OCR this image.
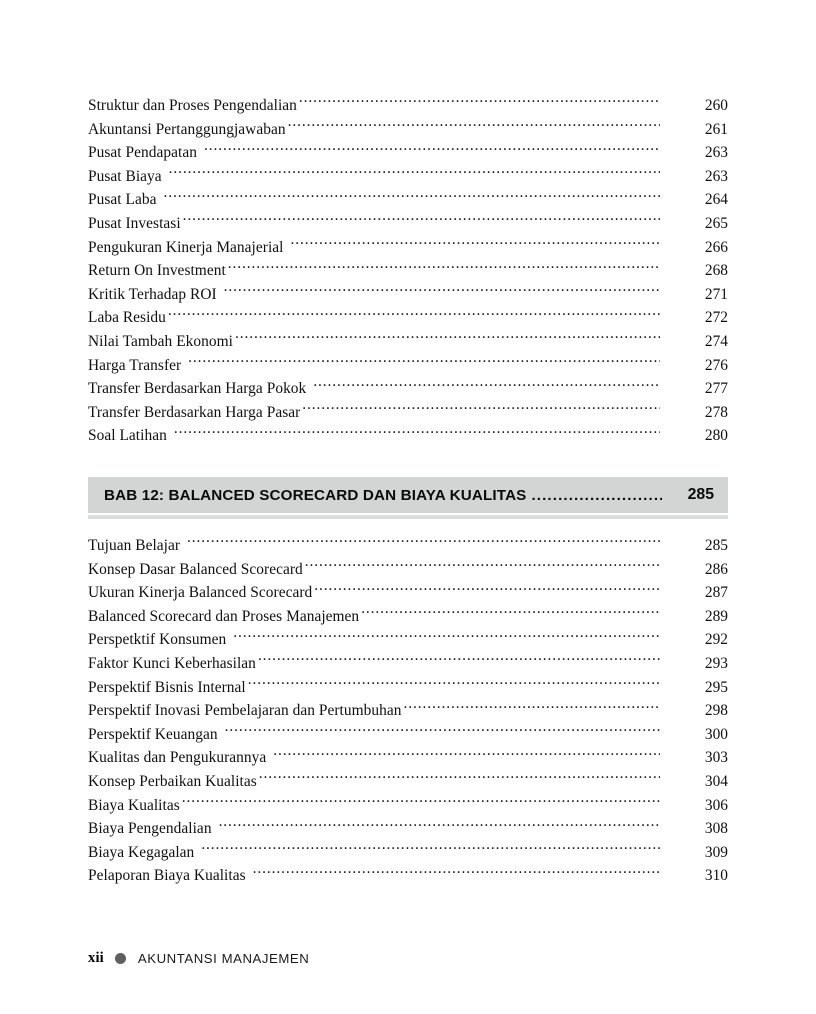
Struktur dan Proses Pengendalian .....	260
Akuntansi Pertanggungjawaban .....	261
Pusat Pendapatan .....	263
Pusat Biaya .....	263
Pusat Laba .....	264
Pusat Investasi .....	265
Pengukuran Kinerja Manajerial .....	266
Return On Investment .....	268
Kritik Terhadap ROI .....	271
Laba Residu .....	272
Nilai Tambah Ekonomi .....	274
Harga Transfer .....	276
Transfer Berdasarkan Harga Pokok .....	277
Transfer Berdasarkan Harga Pasar .....	278
Soal Latihan .....	280
BAB 12: BALANCED SCORECARD DAN BIAYA KUALITAS .....	285
Tujuan Belajar .....	285
Konsep Dasar Balanced Scorecard .....	286
Ukuran Kinerja Balanced Scorecard .....	287
Balanced Scorecard dan Proses Manajemen .....	289
Perspetktif Konsumen .....	292
Faktor Kunci Keberhasilan .....	293
Perspektif Bisnis Internal .....	295
Perspektif Inovasi Pembelajaran dan Pertumbuhan .....	298
Perspektif Keuangan .....	300
Kualitas dan Pengukurannya .....	303
Konsep Perbaikan Kualitas .....	304
Biaya Kualitas .....	306
Biaya Pengendalian .....	308
Biaya Kegagalan .....	309
Pelaporan Biaya Kualitas .....	310
xii	AKUNTANSI MANAJEMEN
